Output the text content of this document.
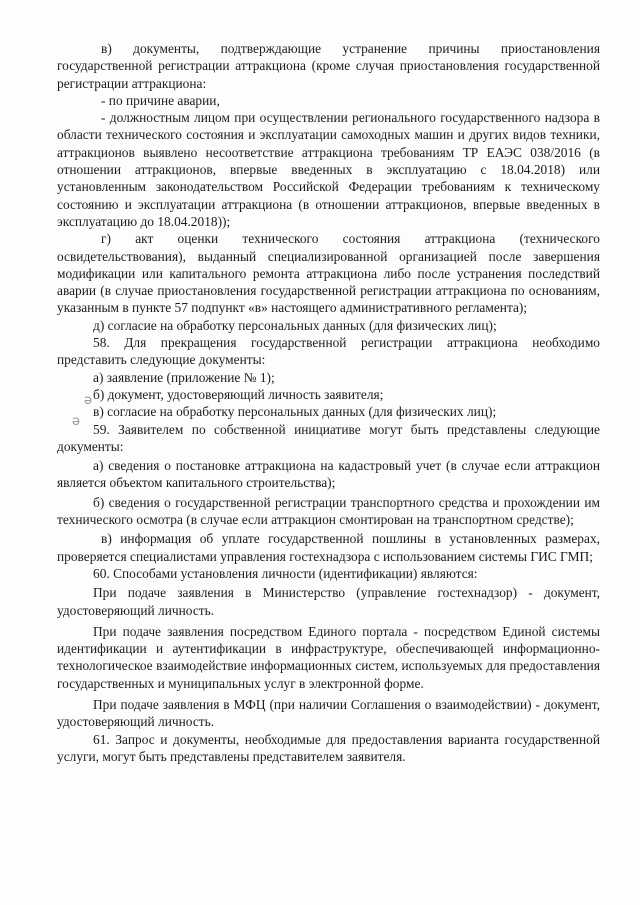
в) документы, подтверждающие устранение причины приостановления государственной регистрации аттракциона (кроме случая приостановления государственной регистрации аттракциона:

- по причине аварии,

- должностным лицом при осуществлении регионального государственного надзора в области технического состояния и эксплуатации самоходных машин и других видов техники, аттракционов выявлено несоответствие аттракциона требованиям ТР ЕАЭС 038/2016 (в отношении аттракционов, впервые введенных в эксплуатацию с 18.04.2018) или установленным законодательством Российской Федерации требованиям к техническому состоянию и эксплуатации аттракциона (в отношении аттракционов, впервые введенных в эксплуатацию до 18.04.2018));

г) акт оценки технического состояния аттракциона (технического освидетельствования), выданный специализированной организацией после завершения модификации или капитального ремонта аттракциона либо после устранения последствий аварии (в случае приостановления государственной регистрации аттракциона по основаниям, указанным в пункте 57 подпункт «в» настоящего административного регламента);

д) согласие на обработку персональных данных (для физических лиц);

58. Для прекращения государственной регистрации аттракциона необходимо представить следующие документы:

а) заявление (приложение № 1);

б) документ, удостоверяющий личность заявителя;

в) согласие на обработку персональных данных (для физических лиц);

59. Заявителем по собственной инициативе могут быть представлены следующие документы:

а) сведения о постановке аттракциона на кадастровый учет (в случае если аттракцион является объектом капитального строительства);

б) сведения о государственной регистрации транспортного средства и прохождении им технического осмотра (в случае если аттракцион смонтирован на транспортном средстве);

в) информация об уплате государственной пошлины в установленных размерах, проверяется специалистами управления гостехнадзора с использованием системы ГИС ГМП;

60. Способами установления личности (идентификации) являются:

При подаче заявления в Министерство (управление гостехнадзор) - документ, удостоверяющий личность.

При подаче заявления посредством Единого портала - посредством Единой системы идентификации и аутентификации в инфраструктуре, обеспечивающей информационно-технологическое взаимодействие информационных систем, используемых для предоставления государственных и муниципальных услуг в электронной форме.

При подаче заявления в МФЦ (при наличии Соглашения о взаимодействии) - документ, удостоверяющий личность.

61. Запрос и документы, необходимые для предоставления варианта государственной услуги, могут быть представлены представителем заявителя.

ǝ
ǝ
